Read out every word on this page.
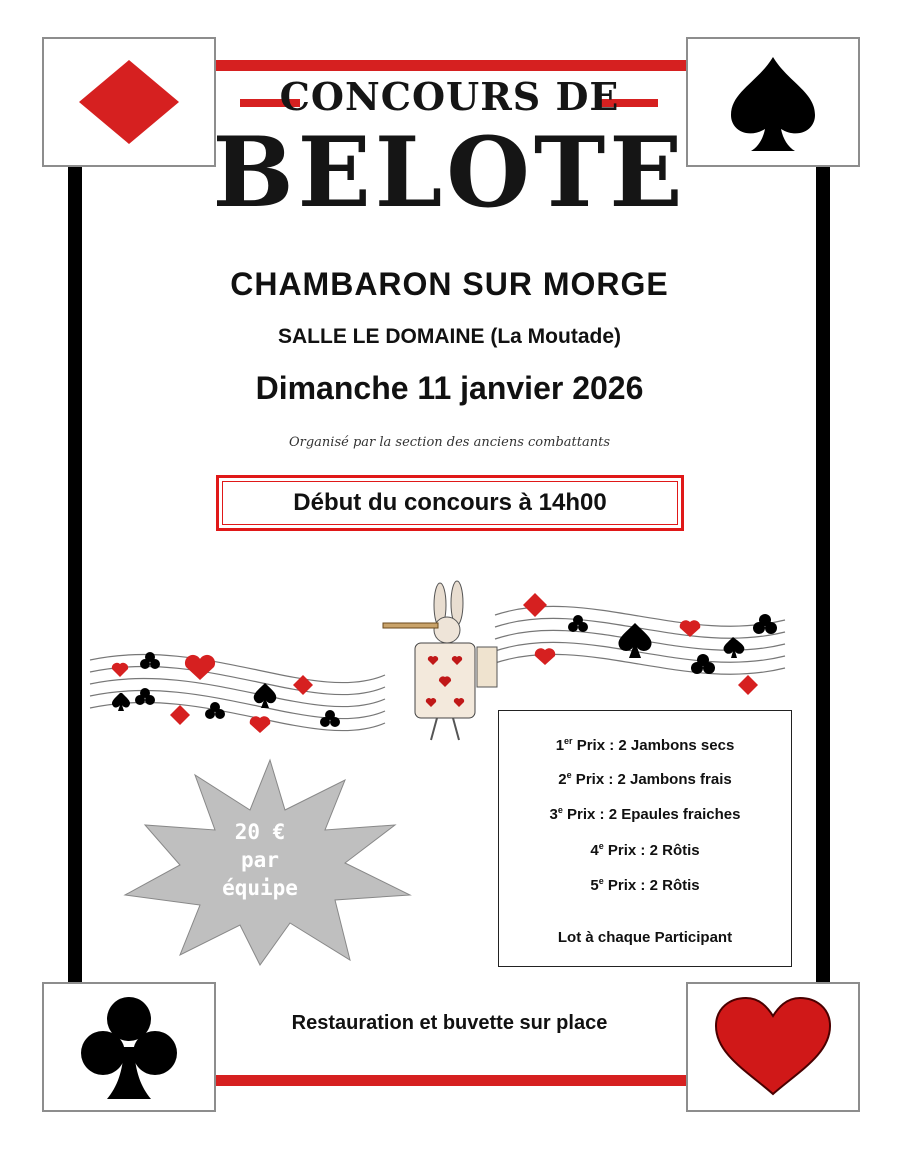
CONCOURS DE
BELOTE
CHAMBARON SUR MORGE
SALLE LE DOMAINE (La Moutade)
Dimanche 11 janvier 2026
Organisé par la section des anciens combattants
Début du concours à 14h00
20 €
par
équipe
1er Prix : 2 Jambons secs
2e Prix : 2 Jambons frais
3e Prix : 2 Epaules fraiches
4e Prix : 2 Rôtis
5e Prix : 2 Rôtis
Lot à chaque Participant
Restauration et buvette sur place
